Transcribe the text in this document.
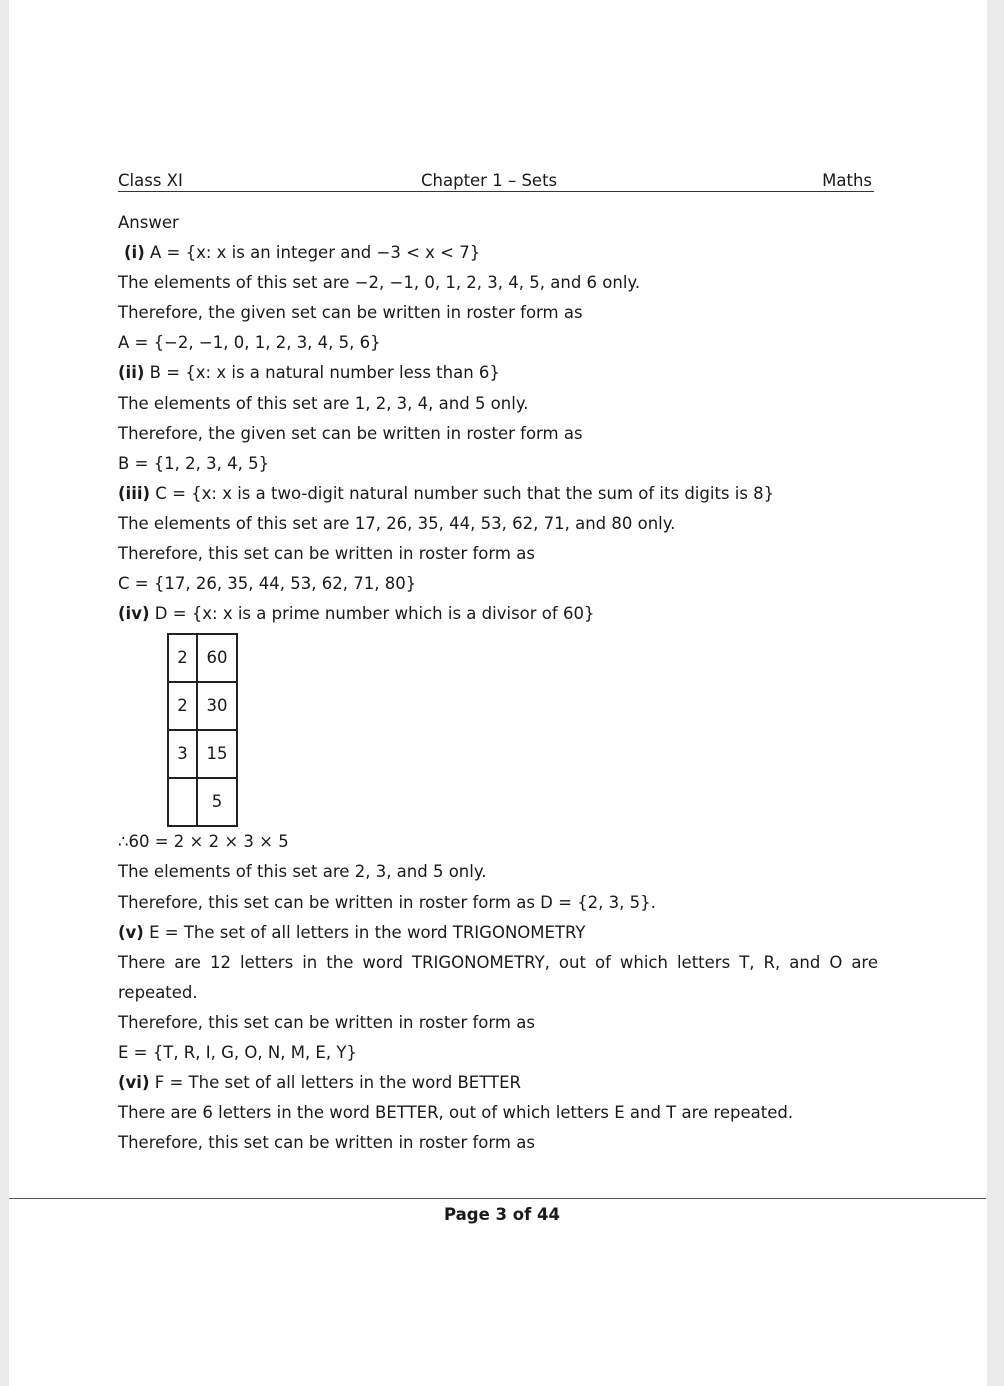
Class XI	Chapter 1 – Sets	Maths
Answer
(i) A = {x: x is an integer and −3 < x < 7}
The elements of this set are −2, −1, 0, 1, 2, 3, 4, 5, and 6 only.
Therefore, the given set can be written in roster form as
A = {−2, −1, 0, 1, 2, 3, 4, 5, 6}
(ii) B = {x: x is a natural number less than 6}
The elements of this set are 1, 2, 3, 4, and 5 only.
Therefore, the given set can be written in roster form as
B = {1, 2, 3, 4, 5}
(iii) C = {x: x is a two-digit natural number such that the sum of its digits is 8}
The elements of this set are 17, 26, 35, 44, 53, 62, 71, and 80 only.
Therefore, this set can be written in roster form as
C = {17, 26, 35, 44, 53, 62, 71, 80}
(iv) D = {x: x is a prime number which is a divisor of 60}
2	60
2	30
3	15
	5
∴60 = 2 × 2 × 3 × 5
The elements of this set are 2, 3, and 5 only.
Therefore, this set can be written in roster form as D = {2, 3, 5}.
(v) E = The set of all letters in the word TRIGONOMETRY
There are 12 letters in the word TRIGONOMETRY, out of which letters T, R, and O are repeated.
Therefore, this set can be written in roster form as
E = {T, R, I, G, O, N, M, E, Y}
(vi) F = The set of all letters in the word BETTER
There are 6 letters in the word BETTER, out of which letters E and T are repeated.
Therefore, this set can be written in roster form as
Page 3 of 44
